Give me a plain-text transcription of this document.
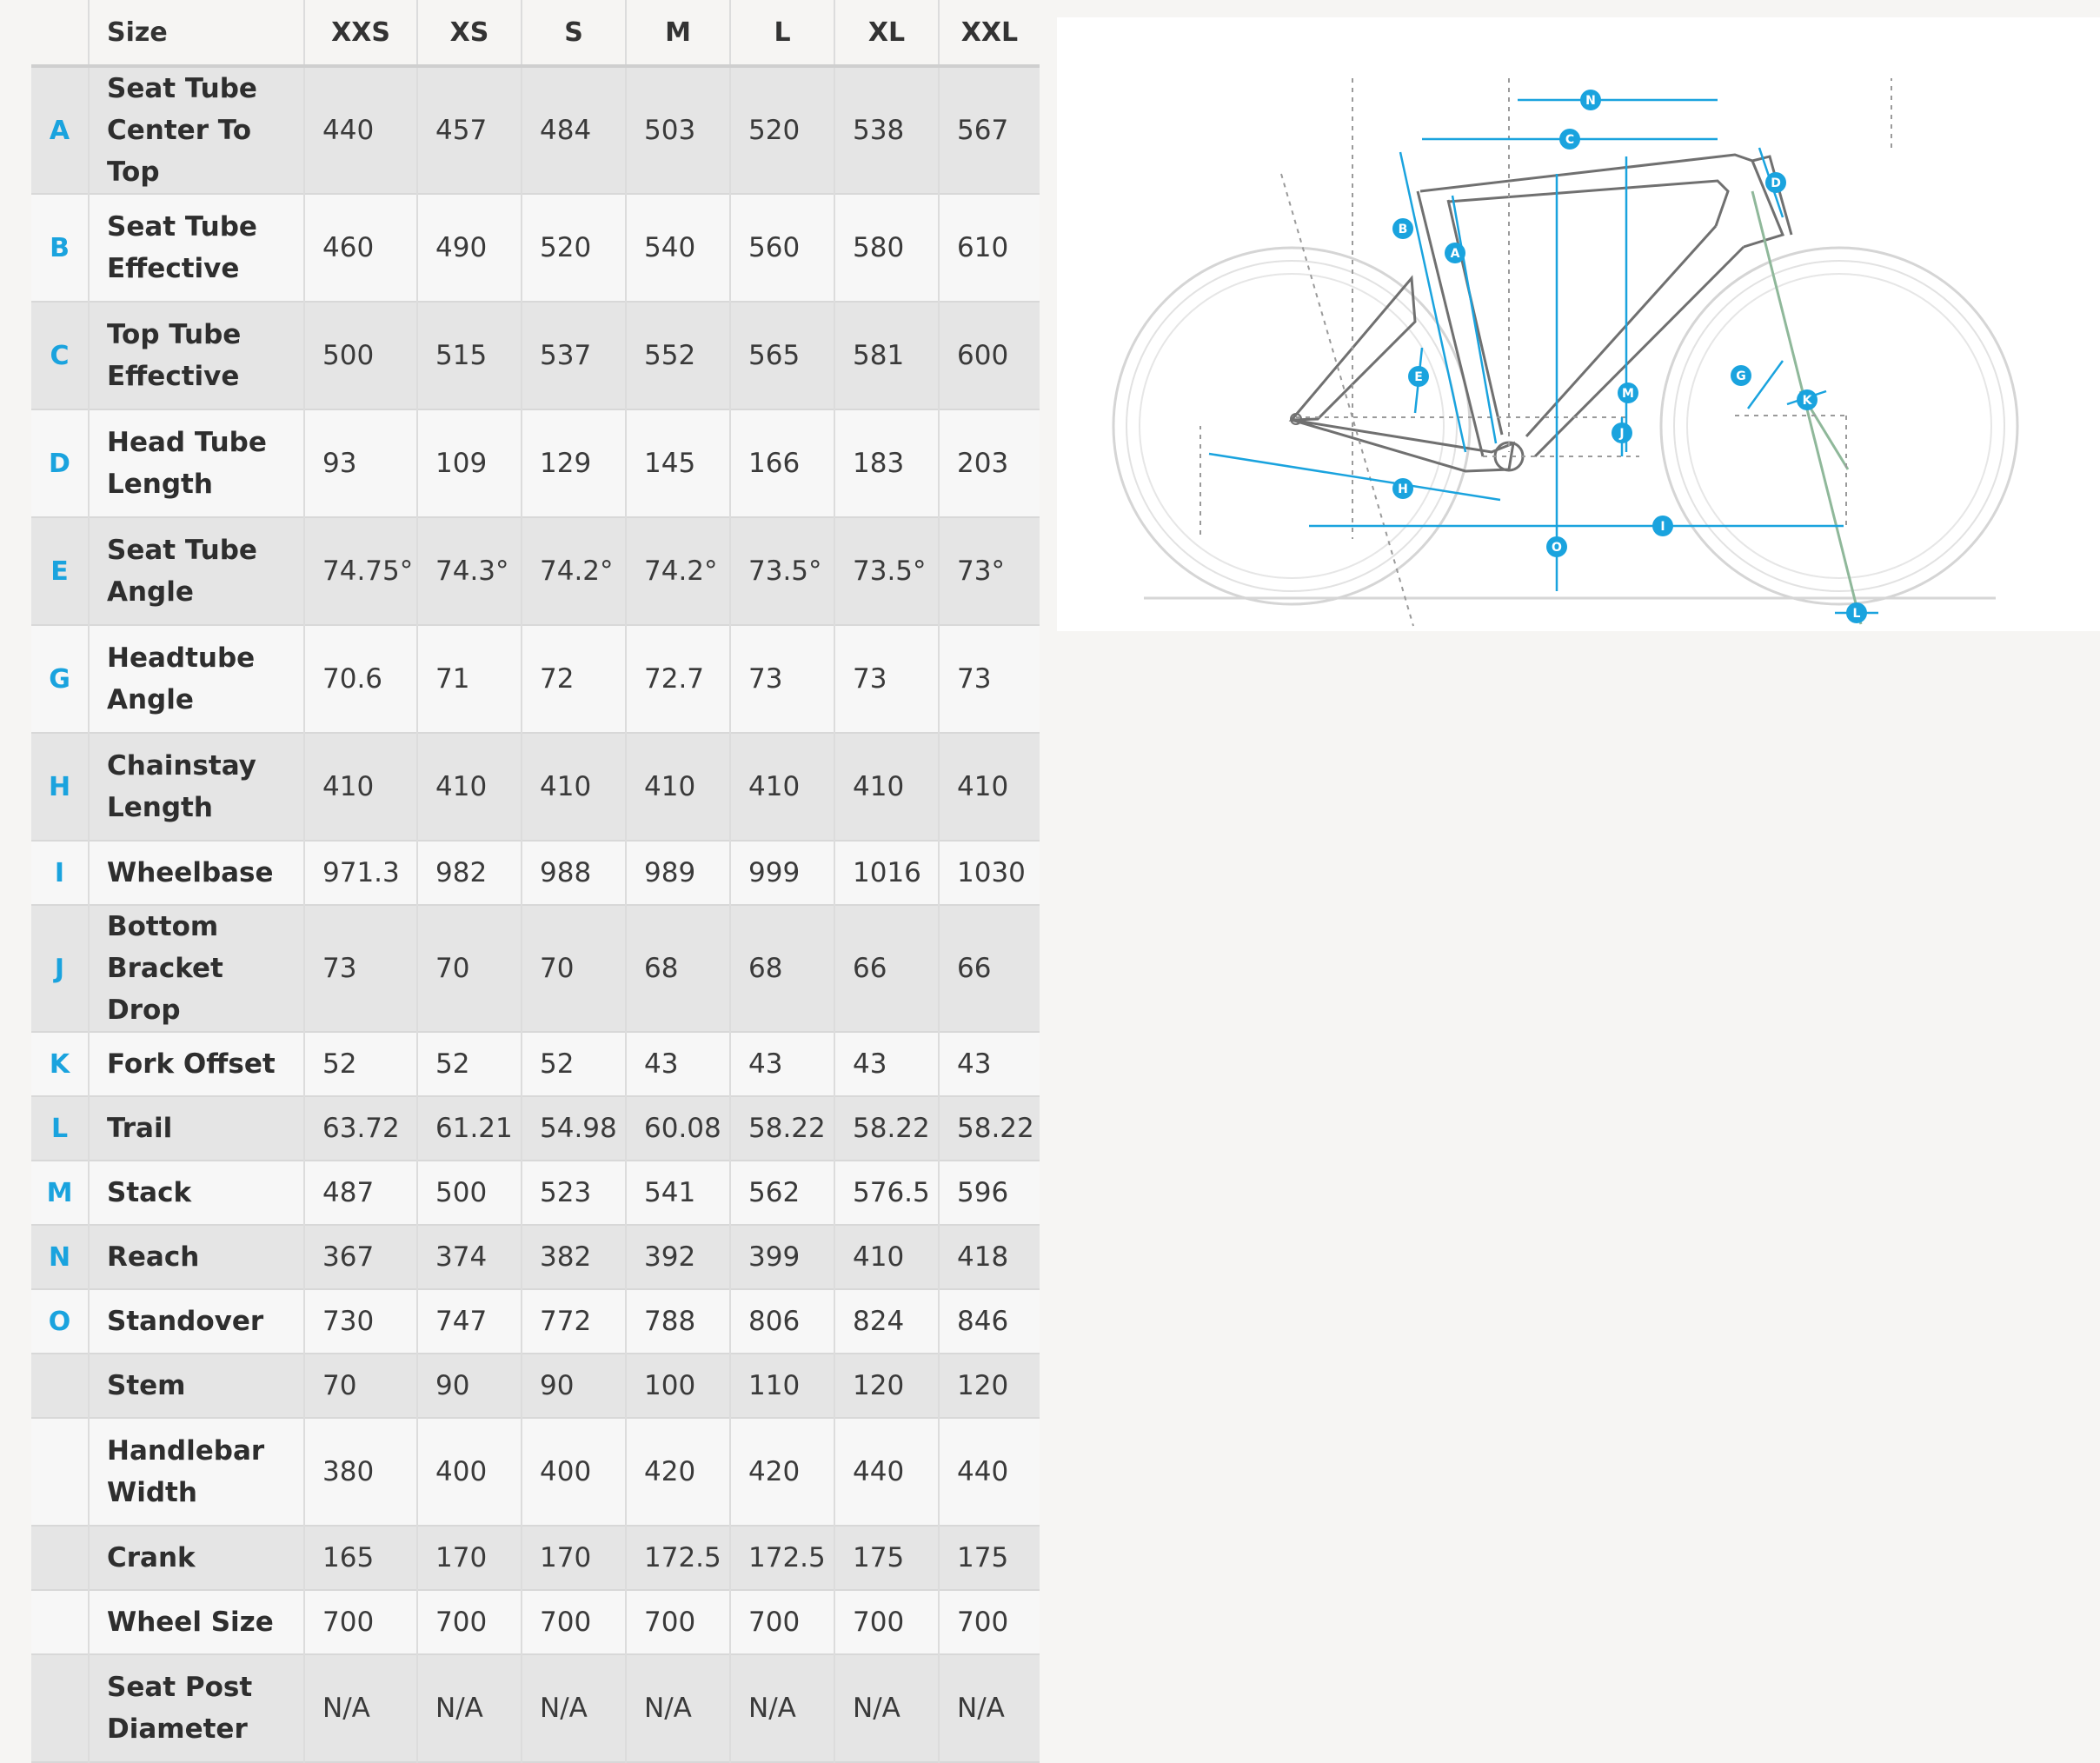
	Size	XXS	XS	S	M	L	XL	XXL
A	Seat Tube Center To Top	440	457	484	503	520	538	567
B	Seat Tube Effective	460	490	520	540	560	580	610
C	Top Tube Effective	500	515	537	552	565	581	600
D	Head Tube Length	93	109	129	145	166	183	203
E	Seat Tube Angle	74.75°	74.3°	74.2°	74.2°	73.5°	73.5°	73°
G	Headtube Angle	70.6	71	72	72.7	73	73	73
H	Chainstay Length	410	410	410	410	410	410	410
I	Wheelbase	971.3	982	988	989	999	1016	1030
J	Bottom Bracket Drop	73	70	70	68	68	66	66
K	Fork Offset	52	52	52	43	43	43	43
L	Trail	63.72	61.21	54.98	60.08	58.22	58.22	58.22
M	Stack	487	500	523	541	562	576.5	596
N	Reach	367	374	382	392	399	410	418
O	Standover	730	747	772	788	806	824	846
	Stem	70	90	90	100	110	120	120
	Handlebar Width	380	400	400	420	420	440	440
	Crank	165	170	170	172.5	172.5	175	175
	Wheel Size	700	700	700	700	700	700	700
	Seat Post Diameter	N/A	N/A	N/A	N/A	N/A	N/A	N/A
A
B
C
D
E	G
H
I
J
K
L
M
N
O
